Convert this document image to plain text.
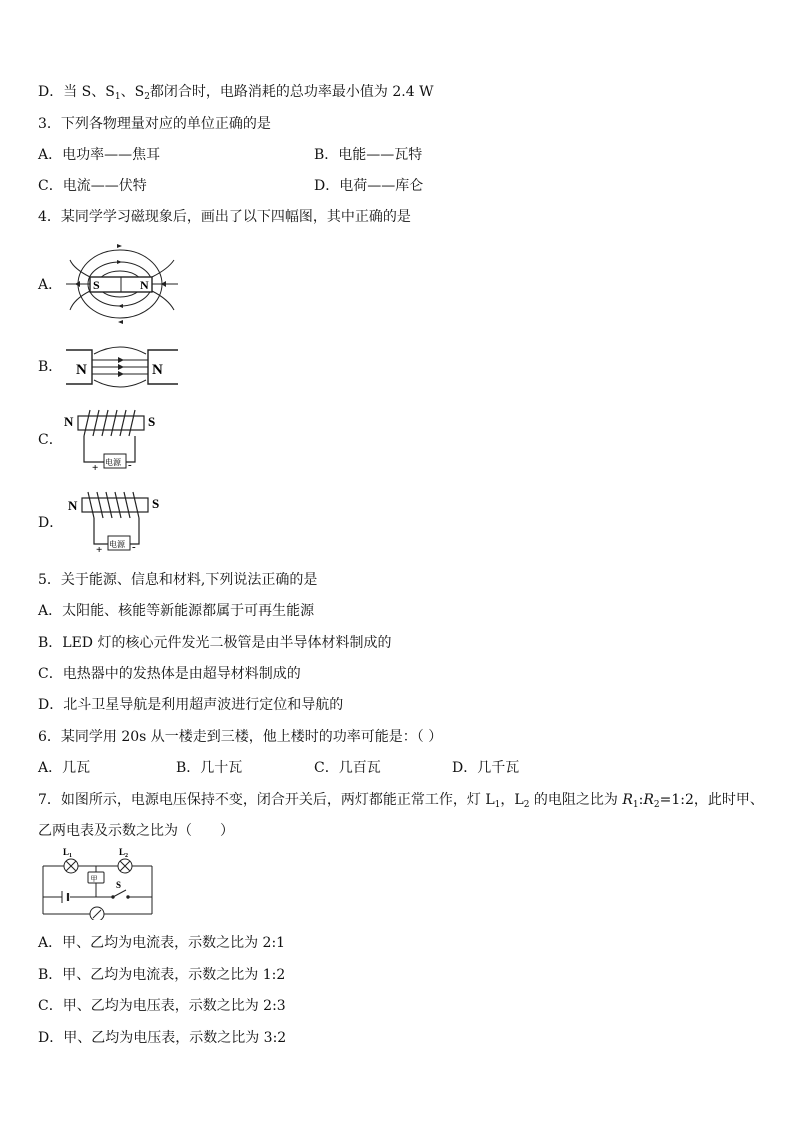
D．当 S、$S_1$、$S_2$都闭合时，电路消耗的总功率最小值为 2.4 W
3．下列各物理量对应的单位正确的是
A．电功率——焦耳	B．电能——瓦特
C．电流——伏特	D．电荷——库仑
4．某同学学习磁现象后，画出了以下四幅图，其中正确的是
A．	S	N
B． N	N
C．
N	S
电源
+	-
D．
N	S
电源
+	-
5．关于能源、信息和材料,下列说法正确的是
A．太阳能、核能等新能源都属于可再生能源
B．LED 灯的核心元件发光二极管是由半导体材料制成的
C．电热器中的发热体是由超导材料制成的
D．北斗卫星导航是利用超声波进行定位和导航的
6．某同学用 20s 从一楼走到三楼，他上楼时的功率可能是：（ ）
A．几瓦	B．几十瓦	C．几百瓦	D．几千瓦
7．如图所示，电源电压保持不变，闭合开关后，两灯都能正常工作，灯 $L_1$，$L_2$ 的电阻之比为 $R_1:R_2=1:2$，此时甲、
乙两电表及示数之比为（　　）
$L_1$	$L_2$
甲
S
A．甲、乙均为电流表，示数之比为 2:1
B．甲、乙均为电流表，示数之比为 1:2
C．甲、乙均为电压表，示数之比为 2:3
D．甲、乙均为电压表，示数之比为 3:2
